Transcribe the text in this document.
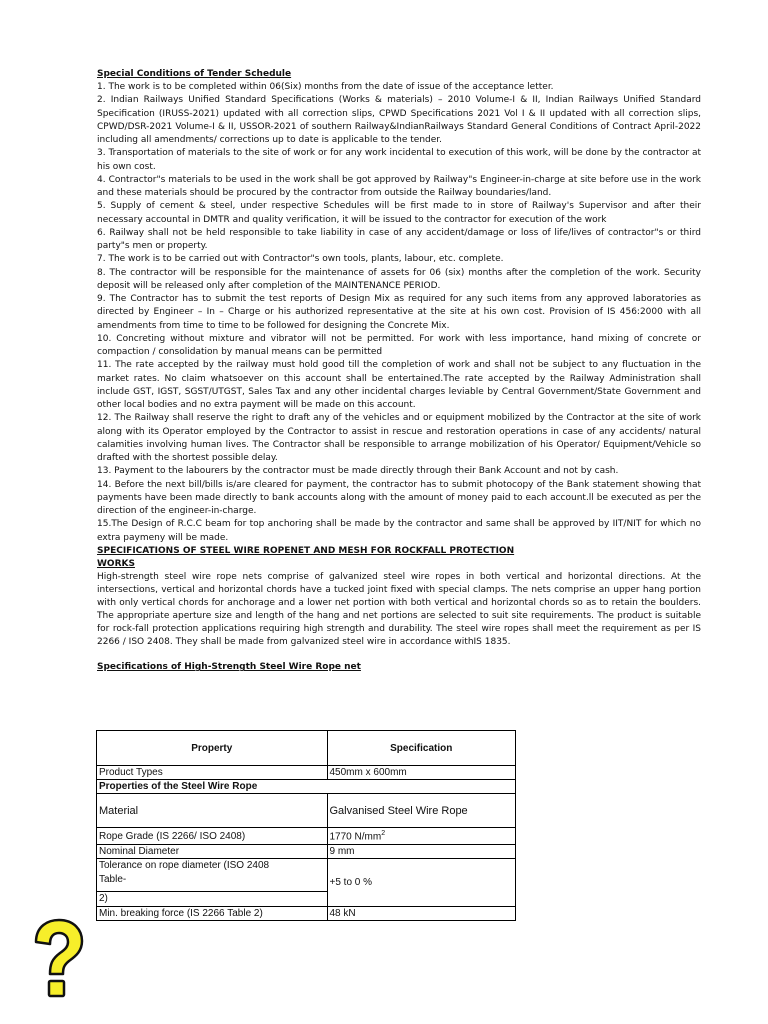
Special Conditions of Tender Schedule

1. The work is to be completed within 06(Six) months from the date of issue of the acceptance letter.

2. Indian Railways Unified Standard Specifications (Works & materials) – 2010 Volume-I & II, Indian Railways Unified Standard Specification (IRUSS-2021) updated with all correction slips, CPWD Specifications 2021 Vol I & II updated with all correction slips, CPWD/DSR-2021 Volume-I & II, USSOR-2021 of southern Railway&IndianRailways Standard General Conditions of Contract April-2022 including all amendments/ corrections up to date is applicable to the tender.

3. Transportation of materials to the site of work or for any work incidental to execution of this work, will be done by the contractor at his own cost.

4. Contractor"s materials to be used in the work shall be got approved by Railway"s Engineer-in-charge at site before use in the work and these materials should be procured by the contractor from outside the Railway boundaries/land.

5. Supply of cement & steel, under respective Schedules will be first made to in store of Railway's Supervisor and after their necessary accountal in DMTR and quality verification, it will be issued to the contractor for execution of the work

6. Railway shall not be held responsible to take liability in case of any accident/damage or loss of life/lives of contractor"s or third party"s men or property.

7. The work is to be carried out with Contractor"s own tools, plants, labour, etc. complete.

8. The contractor will be responsible for the maintenance of assets for 06 (six) months after the completion of the work. Security deposit will be released only after completion of the MAINTENANCE PERIOD.

9. The Contractor has to submit the test reports of Design Mix as required for any such items from any approved laboratories as directed by Engineer – In – Charge or his authorized representative at the site at his own cost. Provision of IS 456:2000 with all amendments from time to time to be followed for designing the Concrete Mix.

10. Concreting without mixture and vibrator will not be permitted. For work with less importance, hand mixing of concrete or compaction / consolidation by manual means can be permitted

11. The rate accepted by the railway must hold good till the completion of work and shall not be subject to any fluctuation in the market rates. No claim whatsoever on this account shall be entertained.The rate accepted by the Railway Administration shall include GST, IGST, SGST/UTGST, Sales Tax and any other incidental charges leviable by Central Government/State Government and other local bodies and no extra payment will be made on this account.

12. The Railway shall reserve the right to draft any of the vehicles and or equipment mobilized by the Contractor at the site of work along with its Operator employed by the Contractor to assist in rescue and restoration operations in case of any accidents/ natural calamities involving human lives. The Contractor shall be responsible to arrange mobilization of his Operator/ Equipment/Vehicle so drafted with the shortest possible delay.

13. Payment to the labourers by the contractor must be made directly through their Bank Account and not by cash.

14. Before the next bill/bills is/are cleared for payment, the contractor has to submit photocopy of the Bank statement showing that payments have been made directly to bank accounts along with the amount of money paid to each account.ll be executed as per the direction of the engineer-in-charge.

15.The Design of R.C.C beam for top anchoring shall be made by the contractor and same shall be approved by IIT/NIT for which no extra paymeny will be made.

SPECIFICATIONS OF STEEL WIRE ROPENET AND MESH FOR ROCKFALL PROTECTION

WORKS

High-strength steel wire rope nets comprise of galvanized steel wire ropes in both vertical and horizontal directions. At the intersections, vertical and horizontal chords have a tucked joint fixed with special clamps. The nets comprise an upper hang portion with only vertical chords for anchorage and a lower net portion with both vertical and horizontal chords so as to retain the boulders. The appropriate aperture size and length of the hang and net portions are selected to suit site requirements. The product is suitable for rock-fall protection applications requiring high strength and durability. The steel wire ropes shall meet the requirement as per IS 2266 / ISO 2408. They shall be made from galvanized steel wire in accordance withIS 1835.

Specifications of High-Strength Steel Wire Rope net

Property	Specification
Product Types	450mm x 600mm
Properties of the Steel Wire Rope	
Material	Galvanised Steel Wire Rope
Rope Grade (IS 2266/ ISO 2408)	1770 $N/mm^2$
Nominal Diameter	9 mm

Tolerance on rope diameter (ISO 2408
Table-
2)	+5 to 0 %
Min. breaking force (IS 2266 Table 2)	48 kN
